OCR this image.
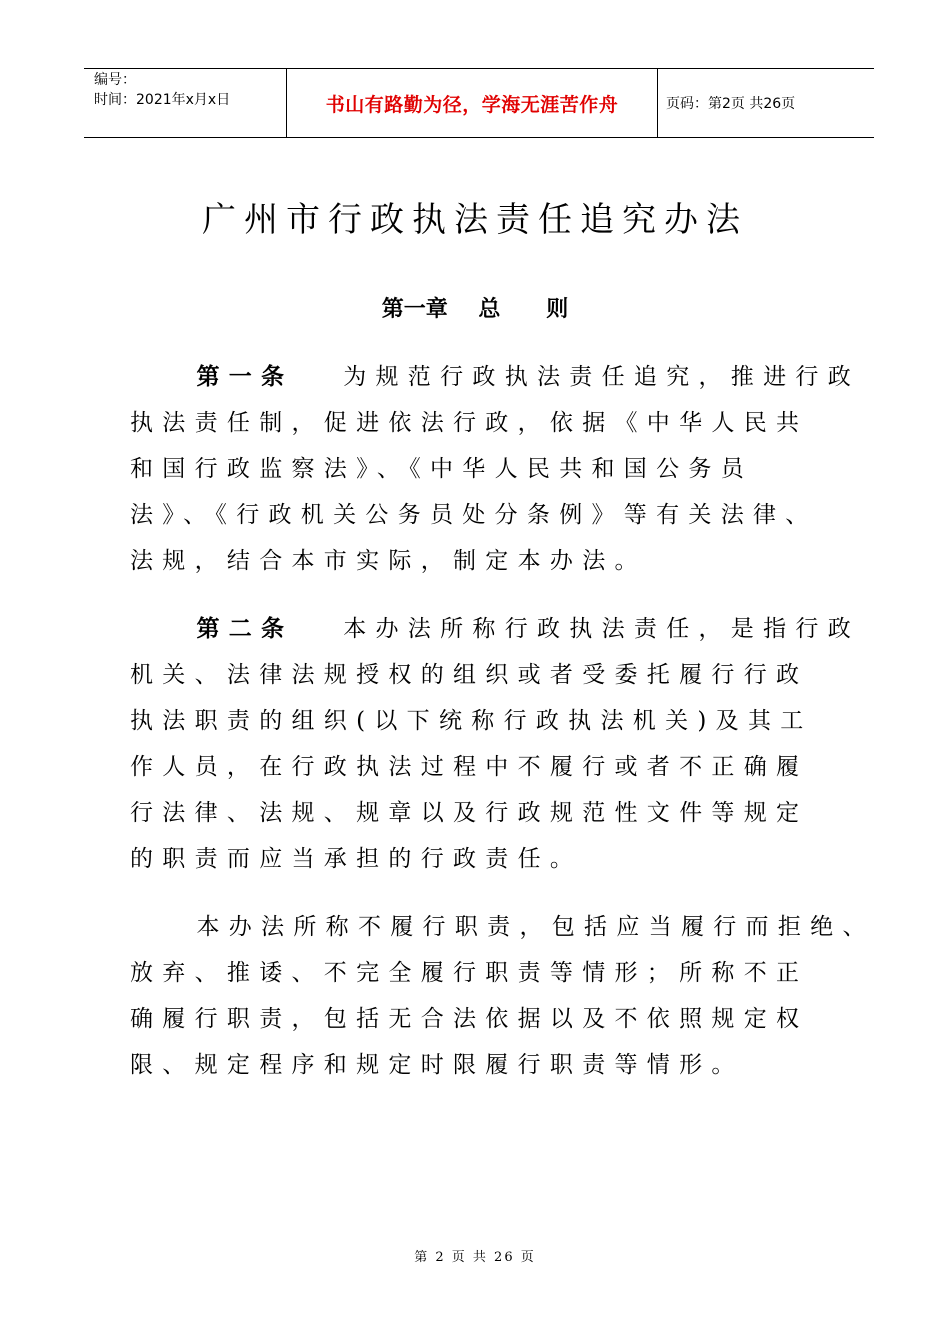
编号：
时间：2021年x月x日	书山有路勤为径，学海无涯苦作舟	页码：第2页 共26页
广州市行政执法责任追究办法
第一章    总      则
第一条 为规范行政执法责任追究，推进行政
执法责任制，促进依法行政，依据《中华人民共
和国行政监察法》、《中华人民共和国公务员
法》、《行政机关公务员处分条例》等有关法律、
法规，结合本市实际，制定本办法。
第二条 本办法所称行政执法责任，是指行政
机关、法律法规授权的组织或者受委托履行行政
执法职责的组织(以下统称行政执法机关)及其工
作人员，在行政执法过程中不履行或者不正确履
行法律、法规、规章以及行政规范性文件等规定
的职责而应当承担的行政责任。
本办法所称不履行职责，包括应当履行而拒绝、
放弃、推诿、不完全履行职责等情形；所称不正
确履行职责，包括无合法依据以及不依照规定权
限、规定程序和规定时限履行职责等情形。
第 2 页 共 26 页
